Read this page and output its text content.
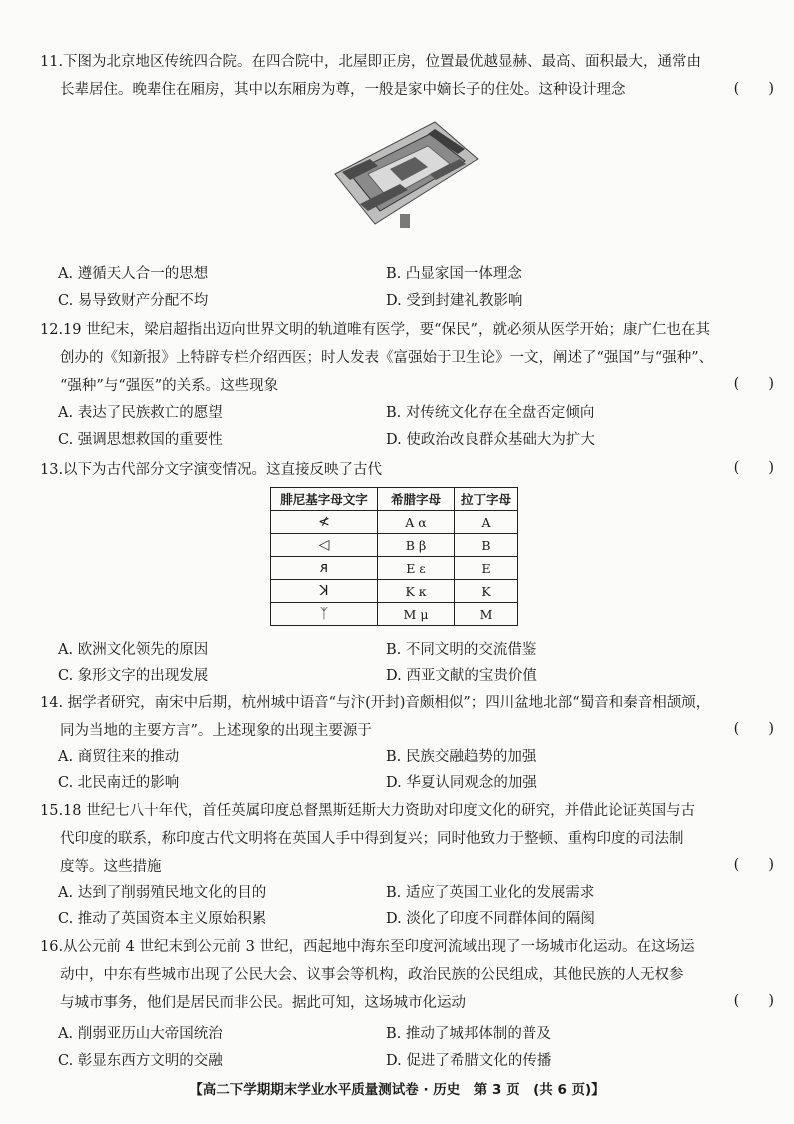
11.下图为北京地区传统四合院。在四合院中，北屋即正房，位置最优越显赫、最高、面积最大，通常由
长辈居住。晚辈住在厢房，其中以东厢房为尊，一般是家中嫡长子的住处。这种设计理念	(　　)
A. 遵循天人合一的思想	B. 凸显家国一体理念
C. 易导致财产分配不均	D. 受到封建礼教影响
12.19 世纪末，梁启超指出迈向世界文明的轨道唯有医学，要“保民”，就必须从医学开始；康广仁也在其
创办的《知新报》上特辟专栏介绍西医；时人发表《富强始于卫生论》一文，阐述了“强国”与“强种”、
“强种”与“强医”的关系。这些现象	(　　)
A. 表达了民族救亡的愿望	B. 对传统文化存在全盘否定倾向
C. 强调思想救国的重要性	D. 使政治改良群众基础大为扩大
13.以下为古代部分文字演变情况。这直接反映了古代	(　　)
腓尼基字母文字	希腊字母	拉丁字母
≮	A α	A
◁	B β	B
ᴙ	E ε	E
ꓘ	K κ	K
ᛉ	M μ	M
A. 欧洲文化领先的原因	B. 不同文明的交流借鉴
C. 象形文字的出现发展	D. 西亚文献的宝贵价值
14. 据学者研究，南宋中后期，杭州城中语音“与汴(开封)音颇相似”；四川盆地北部“蜀音和秦音相颉颃，
同为当地的主要方言”。上述现象的出现主要源于	(　　)
A. 商贸往来的推动	B. 民族交融趋势的加强
C. 北民南迁的影响	D. 华夏认同观念的加强
15.18 世纪七八十年代，首任英属印度总督黑斯廷斯大力资助对印度文化的研究，并借此论证英国与古
代印度的联系，称印度古代文明将在英国人手中得到复兴；同时他致力于整顿、重构印度的司法制
度等。这些措施	(　　)
A. 达到了削弱殖民地文化的目的	B. 适应了英国工业化的发展需求
C. 推动了英国资本主义原始积累	D. 淡化了印度不同群体间的隔阂
16.从公元前 4 世纪末到公元前 3 世纪，西起地中海东至印度河流域出现了一场城市化运动。在这场运
动中，中东有些城市出现了公民大会、议事会等机构，政治民族的公民组成，其他民族的人无权参
与城市事务，他们是居民而非公民。据此可知，这场城市化运动	(　　)
A. 削弱亚历山大帝国统治	B. 推动了城邦体制的普及
C. 彰显东西方文明的交融	D. 促进了希腊文化的传播
【高二下学期期末学业水平质量测试卷 · 历史　第 3 页　(共 6 页)】
